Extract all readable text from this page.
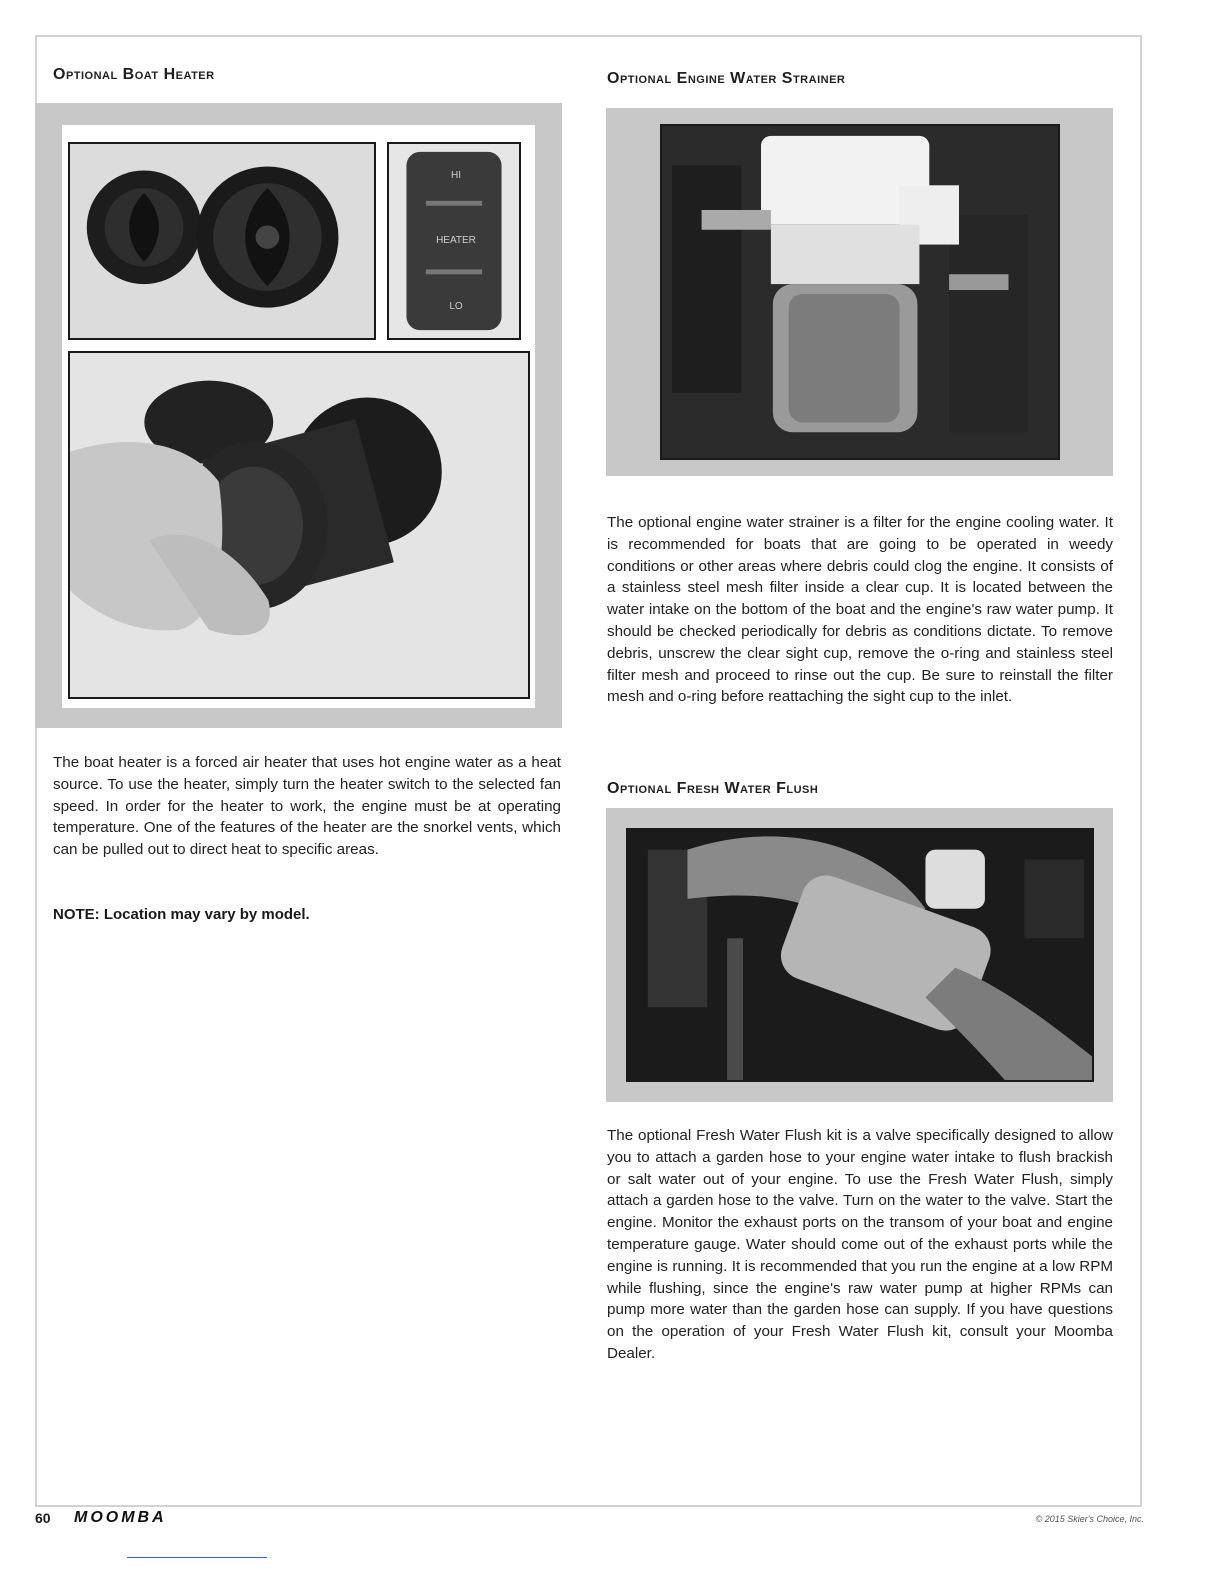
Optional Boat Heater
HI
HEATER
LO

The boat heater is a forced air heater that uses hot engine water as a heat source. To use the heater, simply turn the heater switch to the selected fan speed. In order for the heater to work, the engine must be at operating temperature. One of the features of the heater are the snorkel vents, which can be pulled out to direct heat to specific areas.

NOTE: Location may vary by model.

Optional Engine Water Strainer

The optional engine water strainer is a filter for the engine cooling water. It is recommended for boats that are going to be operated in weedy conditions or other areas where debris could clog the engine. It consists of a stainless steel mesh filter inside a clear cup. It is located between the water intake on the bottom of the boat and the engine's raw water pump. It should be checked periodically for debris as conditions dictate. To remove debris, unscrew the clear sight cup, remove the o-ring and stainless steel filter mesh and proceed to rinse out the cup. Be sure to reinstall the filter mesh and o-ring before reattaching the sight cup to the inlet.

Optional Fresh Water Flush

The optional Fresh Water Flush kit is a valve specifically designed to allow you to attach a garden hose to your engine water intake to flush brackish or salt water out of your engine. To use the Fresh Water Flush, simply attach a garden hose to the valve. Turn on the water to the valve. Start the engine. Monitor the exhaust ports on the transom of your boat and engine temperature gauge. Water should come out of the exhaust ports while the engine is running. It is recommended that you run the engine at a low RPM while flushing, since the engine's raw water pump at higher RPMs can pump more water than the garden hose can supply. If you have questions on the operation of your Fresh Water Flush kit, consult your Moomba Dealer.

60 MOOMBA	© 2015 Skier's Choice, Inc.
